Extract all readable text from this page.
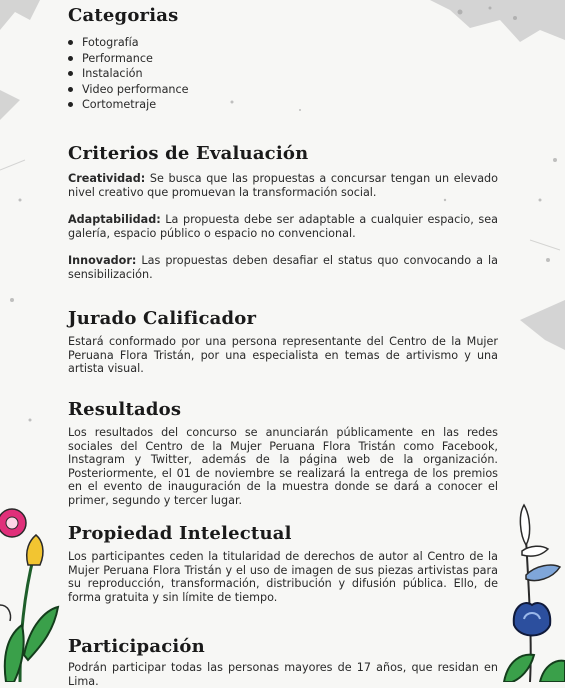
Categorias
Fotografía
Performance
Instalación
Video performance
Cortometraje
Criterios de Evaluación

Creatividad: Se busca que las propuestas a concursar tengan un elevado nivel creativo que promuevan la transformación social.

Adaptabilidad: La propuesta debe ser adaptable a cualquier espacio, sea galería, espacio público o espacio no convencional.

Innovador: Las propuestas deben desafiar el status quo convocando a la sensibilización.

Jurado Calificador

Estará conformado por una persona representante del Centro de la Mujer Peruana Flora Tristán, por una especialista en temas de artivismo y una artista visual.

Resultados

Los resultados del concurso se anunciarán públicamente en las redes sociales del Centro de la Mujer Peruana Flora Tristán como Facebook, Instagram y Twitter, además de la página web de la organización. Posteriormente, el 01 de noviembre se realizará la entrega de los premios en el evento de inauguración de la muestra donde se dará a conocer el primer, segundo y tercer lugar.

Propiedad Intelectual

Los participantes ceden la titularidad de derechos de autor al Centro de la Mujer Peruana Flora Tristán y el uso de imagen de sus piezas artivistas para su reproducción, transformación, distribución y difusión pública. Ello, de forma gratuita y sin límite de tiempo.

Participación

Podrán participar todas las personas mayores de 17 años, que residan en Lima.
